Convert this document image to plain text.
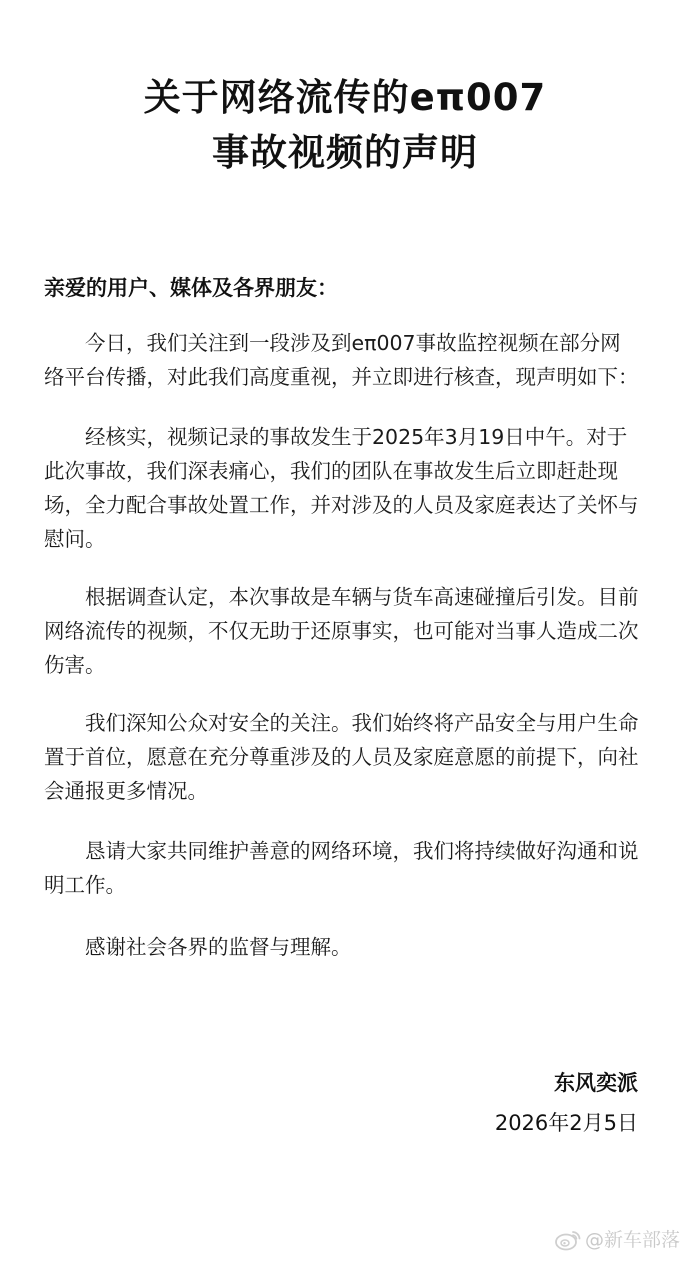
关于网络流传的eπ007
事故视频的声明
亲爱的用户、媒体及各界朋友：

今日，我们关注到一段涉及到eπ007事故监控视频在部分网络平台传播，对此我们高度重视，并立即进行核查，现声明如下：

经核实，视频记录的事故发生于2025年3月19日中午。对于此次事故，我们深表痛心，我们的团队在事故发生后立即赶赴现场，全力配合事故处置工作，并对涉及的人员及家庭表达了关怀与慰问。

根据调查认定，本次事故是车辆与货车高速碰撞后引发。目前网络流传的视频，不仅无助于还原事实，也可能对当事人造成二次伤害。

我们深知公众对安全的关注。我们始终将产品安全与用户生命置于首位，愿意在充分尊重涉及的人员及家庭意愿的前提下，向社会通报更多情况。

恳请大家共同维护善意的网络环境，我们将持续做好沟通和说明工作。

感谢社会各界的监督与理解。

东风奕派
2026年2月5日
@新车部落
